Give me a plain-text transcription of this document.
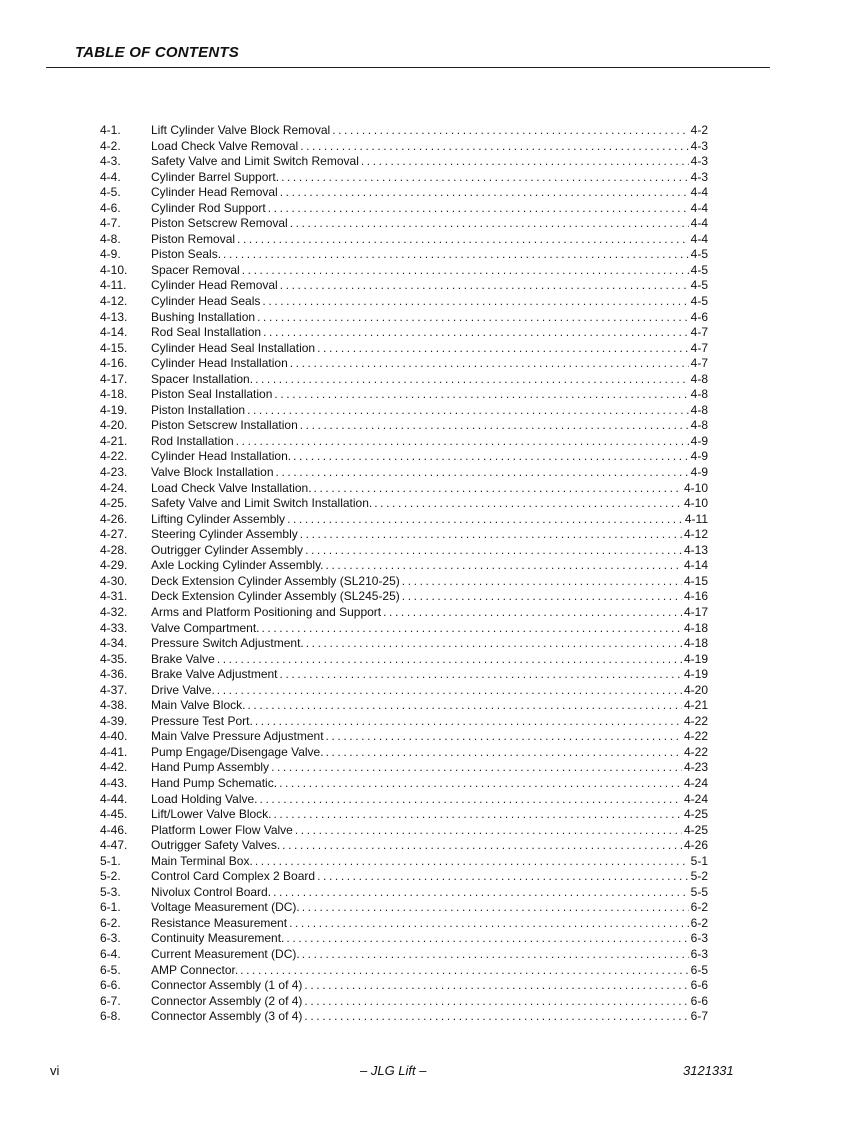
TABLE OF CONTENTS
4-1.	Lift Cylinder Valve Block Removal .....	4-2
4-2.	Load Check Valve Removal .....	4-3
4-3.	Safety Valve and Limit Switch Removal .....	4-3
4-4.	Cylinder Barrel Support. .....	4-3
4-5.	Cylinder Head Removal .....	4-4
4-6.	Cylinder Rod Support .....	4-4
4-7.	Piston Setscrew Removal .....	4-4
4-8.	Piston Removal .....	4-4
4-9.	Piston Seals. .....	4-5
4-10.	Spacer Removal .....	4-5
4-11.	Cylinder Head Removal .....	4-5
4-12.	Cylinder Head Seals .....	4-5
4-13.	Bushing Installation .....	4-6
4-14.	Rod Seal Installation .....	4-7
4-15.	Cylinder Head Seal Installation .....	4-7
4-16.	Cylinder Head Installation .....	4-7
4-17.	Spacer Installation. .....	4-8
4-18.	Piston Seal Installation .....	4-8
4-19.	Piston Installation .....	4-8
4-20.	Piston Setscrew Installation .....	4-8
4-21.	Rod Installation .....	4-9
4-22.	Cylinder Head Installation. .....	4-9
4-23.	Valve Block Installation .....	4-9
4-24.	Load Check Valve Installation. .....	4-10
4-25.	Safety Valve and Limit Switch Installation. .....	4-10
4-26.	Lifting Cylinder Assembly .....	4-11
4-27.	Steering Cylinder Assembly .....	4-12
4-28.	Outrigger Cylinder Assembly .....	4-13
4-29.	Axle Locking Cylinder Assembly. .....	4-14
4-30.	Deck Extension Cylinder Assembly (SL210-25) .....	4-15
4-31.	Deck Extension Cylinder Assembly (SL245-25) .....	4-16
4-32.	Arms and Platform Positioning and Support .....	4-17
4-33.	Valve Compartment. .....	4-18
4-34.	Pressure Switch Adjustment. .....	4-18
4-35.	Brake Valve .....	4-19
4-36.	Brake Valve Adjustment .....	4-19
4-37.	Drive Valve. .....	4-20
4-38.	Main Valve Block. .....	4-21
4-39.	Pressure Test Port. .....	4-22
4-40.	Main Valve Pressure Adjustment .....	4-22
4-41.	Pump Engage/Disengage Valve. .....	4-22
4-42.	Hand Pump Assembly .....	4-23
4-43.	Hand Pump Schematic. .....	4-24
4-44.	Load Holding Valve. .....	4-24
4-45.	Lift/Lower Valve Block. .....	4-25
4-46.	Platform Lower Flow Valve .....	4-25
4-47.	Outrigger Safety Valves. .....	4-26
5-1.	Main Terminal Box. .....	5-1
5-2.	Control Card Complex 2 Board .....	5-2
5-3.	Nivolux Control Board. .....	5-5
6-1.	Voltage Measurement (DC). .....	6-2
6-2.	Resistance Measurement .....	6-2
6-3.	Continuity Measurement. .....	6-3
6-4.	Current Measurement (DC). .....	6-3
6-5.	AMP Connector. .....	6-5
6-6.	Connector Assembly (1 of 4) .....	6-6
6-7.	Connector Assembly (2 of 4) .....	6-6
6-8.	Connector Assembly (3 of 4) .....	6-7
vi	– JLG Lift –	3121331
